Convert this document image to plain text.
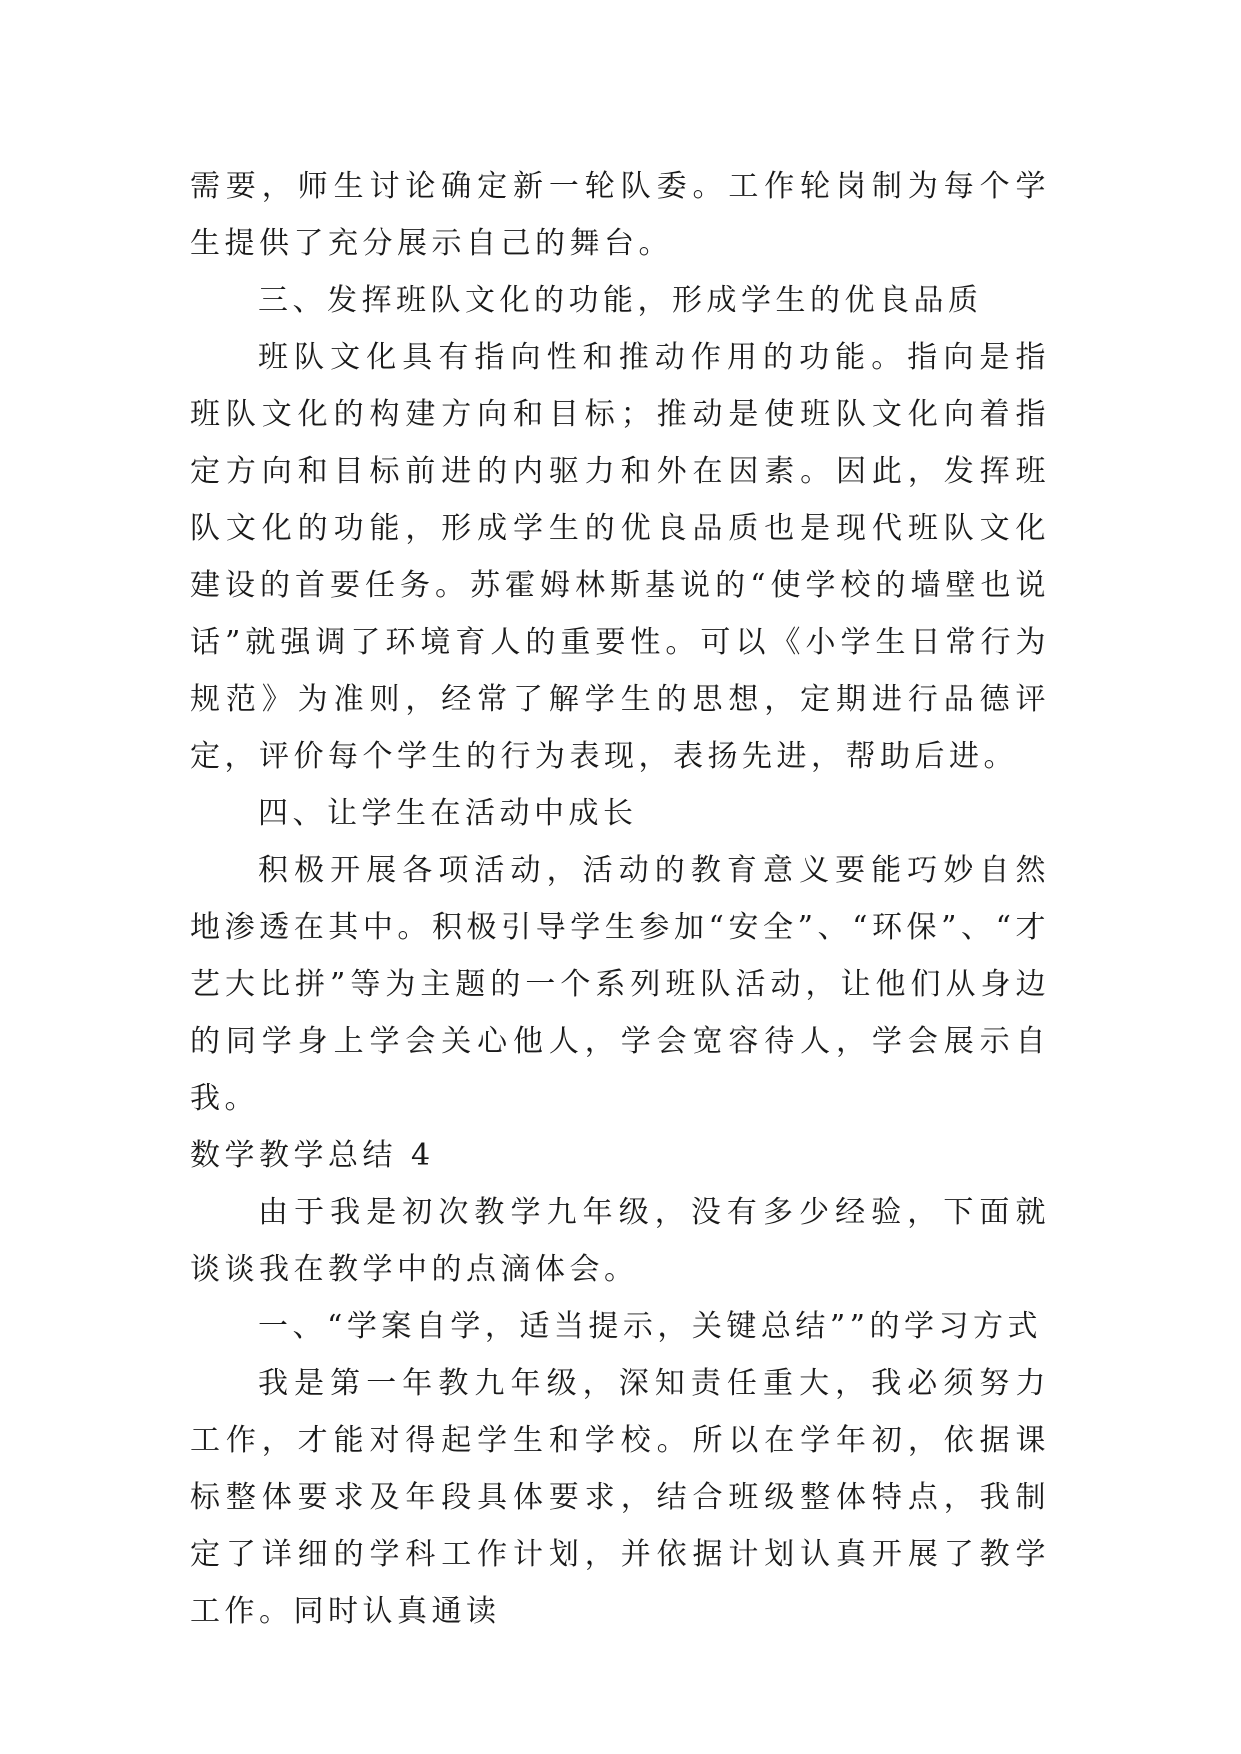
需要，师生讨论确定新一轮队委。工作轮岗制为每个学生提供了充分展示自己的舞台。

三、发挥班队文化的功能，形成学生的优良品质

班队文化具有指向性和推动作用的功能。指向是指班队文化的构建方向和目标；推动是使班队文化向着指定方向和目标前进的内驱力和外在因素。因此，发挥班队文化的功能，形成学生的优良品质也是现代班队文化建设的首要任务。苏霍姆林斯基说的“使学校的墙壁也说话”就强调了环境育人的重要性。可以《小学生日常行为规范》为准则，经常了解学生的思想，定期进行品德评定，评价每个学生的行为表现，表扬先进，帮助后进。

四、让学生在活动中成长

积极开展各项活动，活动的教育意义要能巧妙自然地渗透在其中。积极引导学生参加“安全”、“环保”、“才艺大比拼”等为主题的一个系列班队活动，让他们从身边的同学身上学会关心他人，学会宽容待人，学会展示自我。

数学教学总结 4

由于我是初次教学九年级，没有多少经验，下面就谈谈我在教学中的点滴体会。

一、“学案自学，适当提示，关键总结””的学习方式

我是第一年教九年级，深知责任重大，我必须努力工作，才能对得起学生和学校。所以在学年初，依据课标整体要求及年段具体要求，结合班级整体特点，我制定了详细的学科工作计划，并依据计划认真开展了教学工作。同时认真通读
